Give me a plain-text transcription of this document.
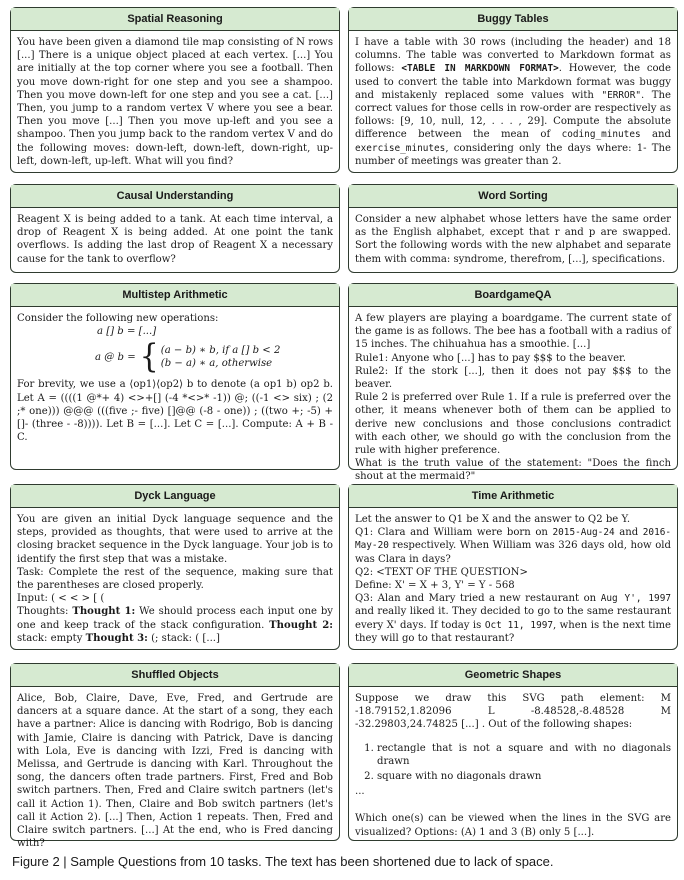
Spatial Reasoning

You have been given a diamond tile map consisting of N rows [...] There is a unique object placed at each vertex. [...] You are initially at the top corner where you see a football. Then you move down-right for one step and you see a shampoo. Then you move down-left for one step and you see a cat. [...] Then, you jump to a random vertex V where you see a bear. Then you move [...] Then you move up-left and you see a shampoo. Then you jump back to the random vertex V and do the following moves: down-left, down-left, down-right, up-left, down-left, up-left. What will you find?

Buggy Tables

I have a table with 30 rows (including the header) and 18 columns. The table was converted to Markdown format as follows: <TABLE IN MARKDOWN FORMAT>. However, the code used to convert the table into Markdown format was buggy and mistakenly replaced some values with "ERROR". The correct values for those cells in row-order are respectively as follows: [9, 10, null, 12, . . . , 29]. Compute the absolute difference between the mean of coding_minutes and exercise_minutes, considering only the days where: 1- The number of meetings was greater than 2.

Causal Understanding

Reagent X is being added to a tank. At each time interval, a drop of Reagent X is being added. At one point the tank overflows. Is adding the last drop of Reagent X a necessary cause for the tank to overflow?

Word Sorting

Consider a new alphabet whose letters have the same order as the English alphabet, except that r and p are swapped. Sort the following words with the new alphabet and separate them with comma: syndrome, therefrom, [...], specifications.

Multistep Arithmetic

Consider the following new operations:

a [] b = [...]

a @ b = { (a − b) ∗ b, if a [] b < 2
(b − a) ∗ a, otherwise

For brevity, we use a ⟨op1⟩⟨op2⟩ b to denote (a op1 b) op2 b. Let A = ((((1 @*+ 4) <>+[] (-4 *<>* -1)) @; ((-1 <> six) ; (2 ;* one))) @@@ (((five ;- five) []@@ (-8 - one)) ; ((two +; -5) +[]- (three - -8)))). Let B = [...]. Let C = [...]. Compute: A + B - C.

BoardgameQA

A few players are playing a boardgame. The current state of the game is as follows. The bee has a football with a radius of 15 inches. The chihuahua has a smoothie. [...]

Rule1: Anyone who [...] has to pay $$$ to the beaver.

Rule2: If the stork [...], then it does not pay $$$ to the beaver.

Rule 2 is preferred over Rule 1. If a rule is preferred over the other, it means whenever both of them can be applied to derive new conclusions and those conclusions contradict with each other, we should go with the conclusion from the rule with higher preference.

What is the truth value of the statement: "Does the finch shout at the mermaid?"

Dyck Language

You are given an initial Dyck language sequence and the steps, provided as thoughts, that were used to arrive at the closing bracket sequence in the Dyck language. Your job is to identify the first step that was a mistake.

Task: Complete the rest of the sequence, making sure that the parentheses are closed properly.

Input: ( < < > [ (

Thoughts: Thought 1: We should process each input one by one and keep track of the stack configuration. Thought 2: stack: empty Thought 3: (; stack: ( [...]

Time Arithmetic

Let the answer to Q1 be X and the answer to Q2 be Y.

Q1: Clara and William were born on 2015-Aug-24 and 2016-May-20 respectively. When William was 326 days old, how old was Clara in days?

Q2: <TEXT OF THE QUESTION>

Define: X' = X + 3, Y' = Y - 568

Q3: Alan and Mary tried a new restaurant on Aug Y', 1997 and really liked it. They decided to go to the same restaurant every X' days. If today is Oct 11, 1997, when is the next time they will go to that restaurant?

Shuffled Objects

Alice, Bob, Claire, Dave, Eve, Fred, and Gertrude are dancers at a square dance. At the start of a song, they each have a partner: Alice is dancing with Rodrigo, Bob is dancing with Jamie, Claire is dancing with Patrick, Dave is dancing with Lola, Eve is dancing with Izzi, Fred is dancing with Melissa, and Gertrude is dancing with Karl. Throughout the song, the dancers often trade partners. First, Fred and Bob switch partners. Then, Fred and Claire switch partners (let's call it Action 1). Then, Claire and Bob switch partners (let's call it Action 2). [...] Then, Action 1 repeats. Then, Fred and Claire switch partners. [...] At the end, who is Fred dancing with?

Geometric Shapes

Suppose we draw this SVG path element: M -18.79152,1.82096 L -8.48528,-8.48528 M -32.29803,24.74825 [...] . Out of the following shapes:

1. rectangle that is not a square and with no diagonals drawn
2. square with no diagonals drawn

...

Which one(s) can be viewed when the lines in the SVG are visualized? Options: (A) 1 and 3 (B) only 5 [...].

Figure 2 | Sample Questions from 10 tasks. The text has been shortened due to lack of space.
